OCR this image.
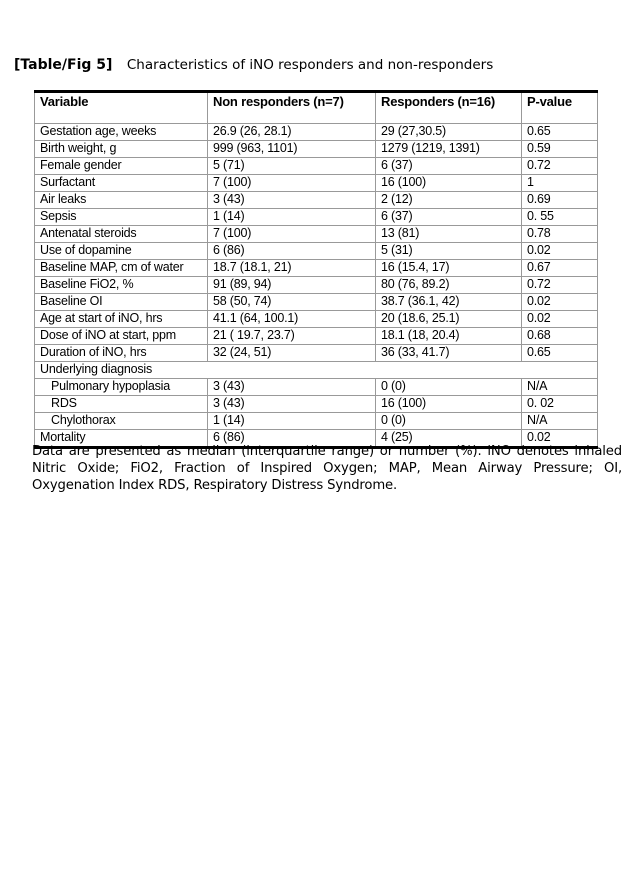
[Table/Fig 5] Characteristics of iNO responders and non-responders
Variable	Non responders (n=7)	Responders (n=16)	P-value
Gestation age, weeks	26.9 (26, 28.1)	29 (27,30.5)	0.65
Birth weight, g	999 (963, 1101)	1279 (1219, 1391)	0.59
Female gender	5 (71)	6 (37)	0.72
Surfactant	7 (100)	16 (100)	1
Air leaks	3 (43)	2 (12)	0.69
Sepsis	1 (14)	6 (37)	0. 55
Antenatal steroids	7 (100)	13 (81)	0.78
Use of dopamine	6 (86)	5 (31)	0.02
Baseline MAP, cm of water	18.7 (18.1, 21)	16 (15.4, 17)	0.67
Baseline FiO2, %	91 (89, 94)	80 (76, 89.2)	0.72
Baseline OI	58 (50, 74)	38.7 (36.1, 42)	0.02
Age at start of iNO, hrs	41.1 (64, 100.1)	20 (18.6, 25.1)	0.02
Dose of iNO at start, ppm	21 ( 19.7, 23.7)	18.1 (18, 20.4)	0.68
Duration of iNO, hrs	32 (24, 51)	36 (33, 41.7)	0.65
Underlying diagnosis			
Pulmonary hypoplasia	3 (43)	0 (0)	N/A
RDS	3 (43)	16 (100)	0. 02
Chylothorax	1 (14)	0 (0)	N/A
Mortality	6 (86)	4 (25)	0.02
Data are presented as median (interquartile range) or number (%). iNO denotes inhaled Nitric Oxide; FiO2, Fraction of Inspired Oxygen; MAP, Mean Airway Pressure; OI, Oxygenation Index RDS, Respiratory Distress Syndrome.
